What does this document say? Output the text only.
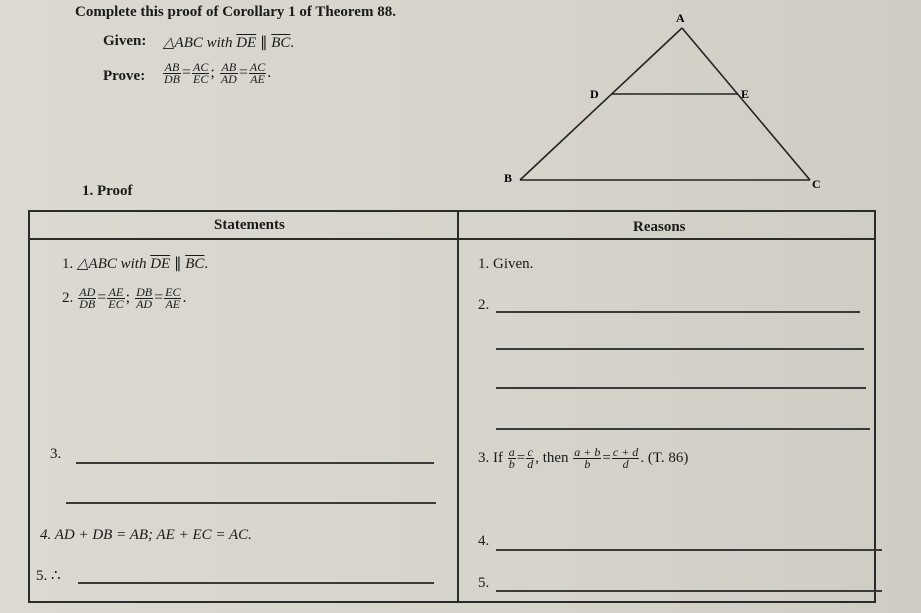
Complete this proof of Corollary 1 of Theorem 88.
Given: △ABC with $\overline{DE}$ ∥ $\overline{BC}$.
Prove: $\frac{AB}{DB} = \frac{AC}{EC}$ ; $\frac{AB}{AD} = \frac{AC}{AE}$ .
A
D	E
B	C
1. Proof
Statements	Reasons
1. △ABC with $\overline{DE}$ ∥ $\overline{BC}$.	1. Given.
2. $\frac{AD}{DB} = \frac{AE}{EC}$ ; $\frac{DB}{AD} = \frac{EC}{AE}$ .	2.
3.	3. If $\frac{a}{b} = \frac{c}{d}$ , then $\frac{a + b}{b} = \frac{c + d}{d}$ . (T. 86)
4. AD + DB = AB; AE + EC = AC.	4.
5. ∴	5.
